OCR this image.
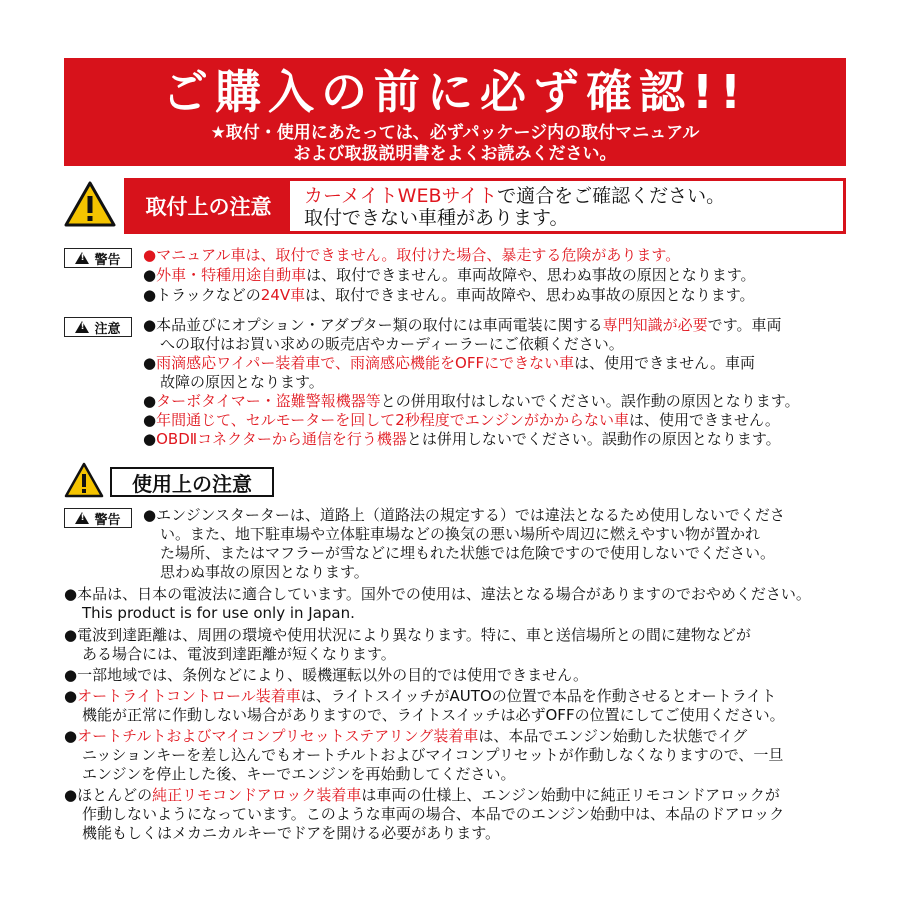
ご購入の前に必ず確認!!
★取付・使用にあたっては、必ずパッケージ内の取付マニュアル
および取扱説明書をよくお読みください。
取付上の注意	カーメイトWEBサイトで適合をご確認ください。
取付できない車種があります。
!
警告 ●マニュアル車は、取付できません。取付けた場合、暴走する危険があります。
●外車・特種用途自動車は、取付できません。車両故障や、思わぬ事故の原因となります。
●トラックなどの24V車は、取付できません。車両故障や、思わぬ事故の原因となります。
!
注意 ●本品並びにオプション・アダプター類の取付には車両電装に関する専門知識が必要です。車両
への取付はお買い求めの販売店やカーディーラーにご依頼ください。
●雨滴感応ワイパー装着車で、雨滴感応機能をOFFにできない車は、使用できません。車両
故障の原因となります。
●ターボタイマー・盗難警報機器等との併用取付はしないでください。誤作動の原因となります。
●年間通じて、セルモーターを回して2秒程度でエンジンがかからない車は、使用できません。
●OBDⅡコネクターから通信を行う機器とは併用しないでください。誤動作の原因となります。
使用上の注意
!
警告 ●エンジンスターターは、道路上（道路法の規定する）では違法となるため使用しないでくださ
い。また、地下駐車場や立体駐車場などの換気の悪い場所や周辺に燃えやすい物が置かれ
た場所、またはマフラーが雪などに埋もれた状態では危険ですので使用しないでください。
思わぬ事故の原因となります。
●本品は、日本の電波法に適合しています。国外での使用は、違法となる場合がありますのでおやめください。
This product is for use only in Japan.
●電波到達距離は、周囲の環境や使用状況により異なります。特に、車と送信場所との間に建物などが
ある場合には、電波到達距離が短くなります。
●一部地域では、条例などにより、暖機運転以外の目的では使用できません。
●オートライトコントロール装着車は、ライトスイッチがAUTOの位置で本品を作動させるとオートライト
機能が正常に作動しない場合がありますので、ライトスイッチは必ずOFFの位置にしてご使用ください。
●オートチルトおよびマイコンプリセットステアリング装着車は、本品でエンジン始動した状態でイグ
ニッションキーを差し込んでもオートチルトおよびマイコンプリセットが作動しなくなりますので、一旦
エンジンを停止した後、キーでエンジンを再始動してください。
●ほとんどの純正リモコンドアロック装着車は車両の仕様上、エンジン始動中に純正リモコンドアロックが
作動しないようになっています。このような車両の場合、本品でのエンジン始動中は、本品のドアロック
機能もしくはメカニカルキーでドアを開ける必要があります。
